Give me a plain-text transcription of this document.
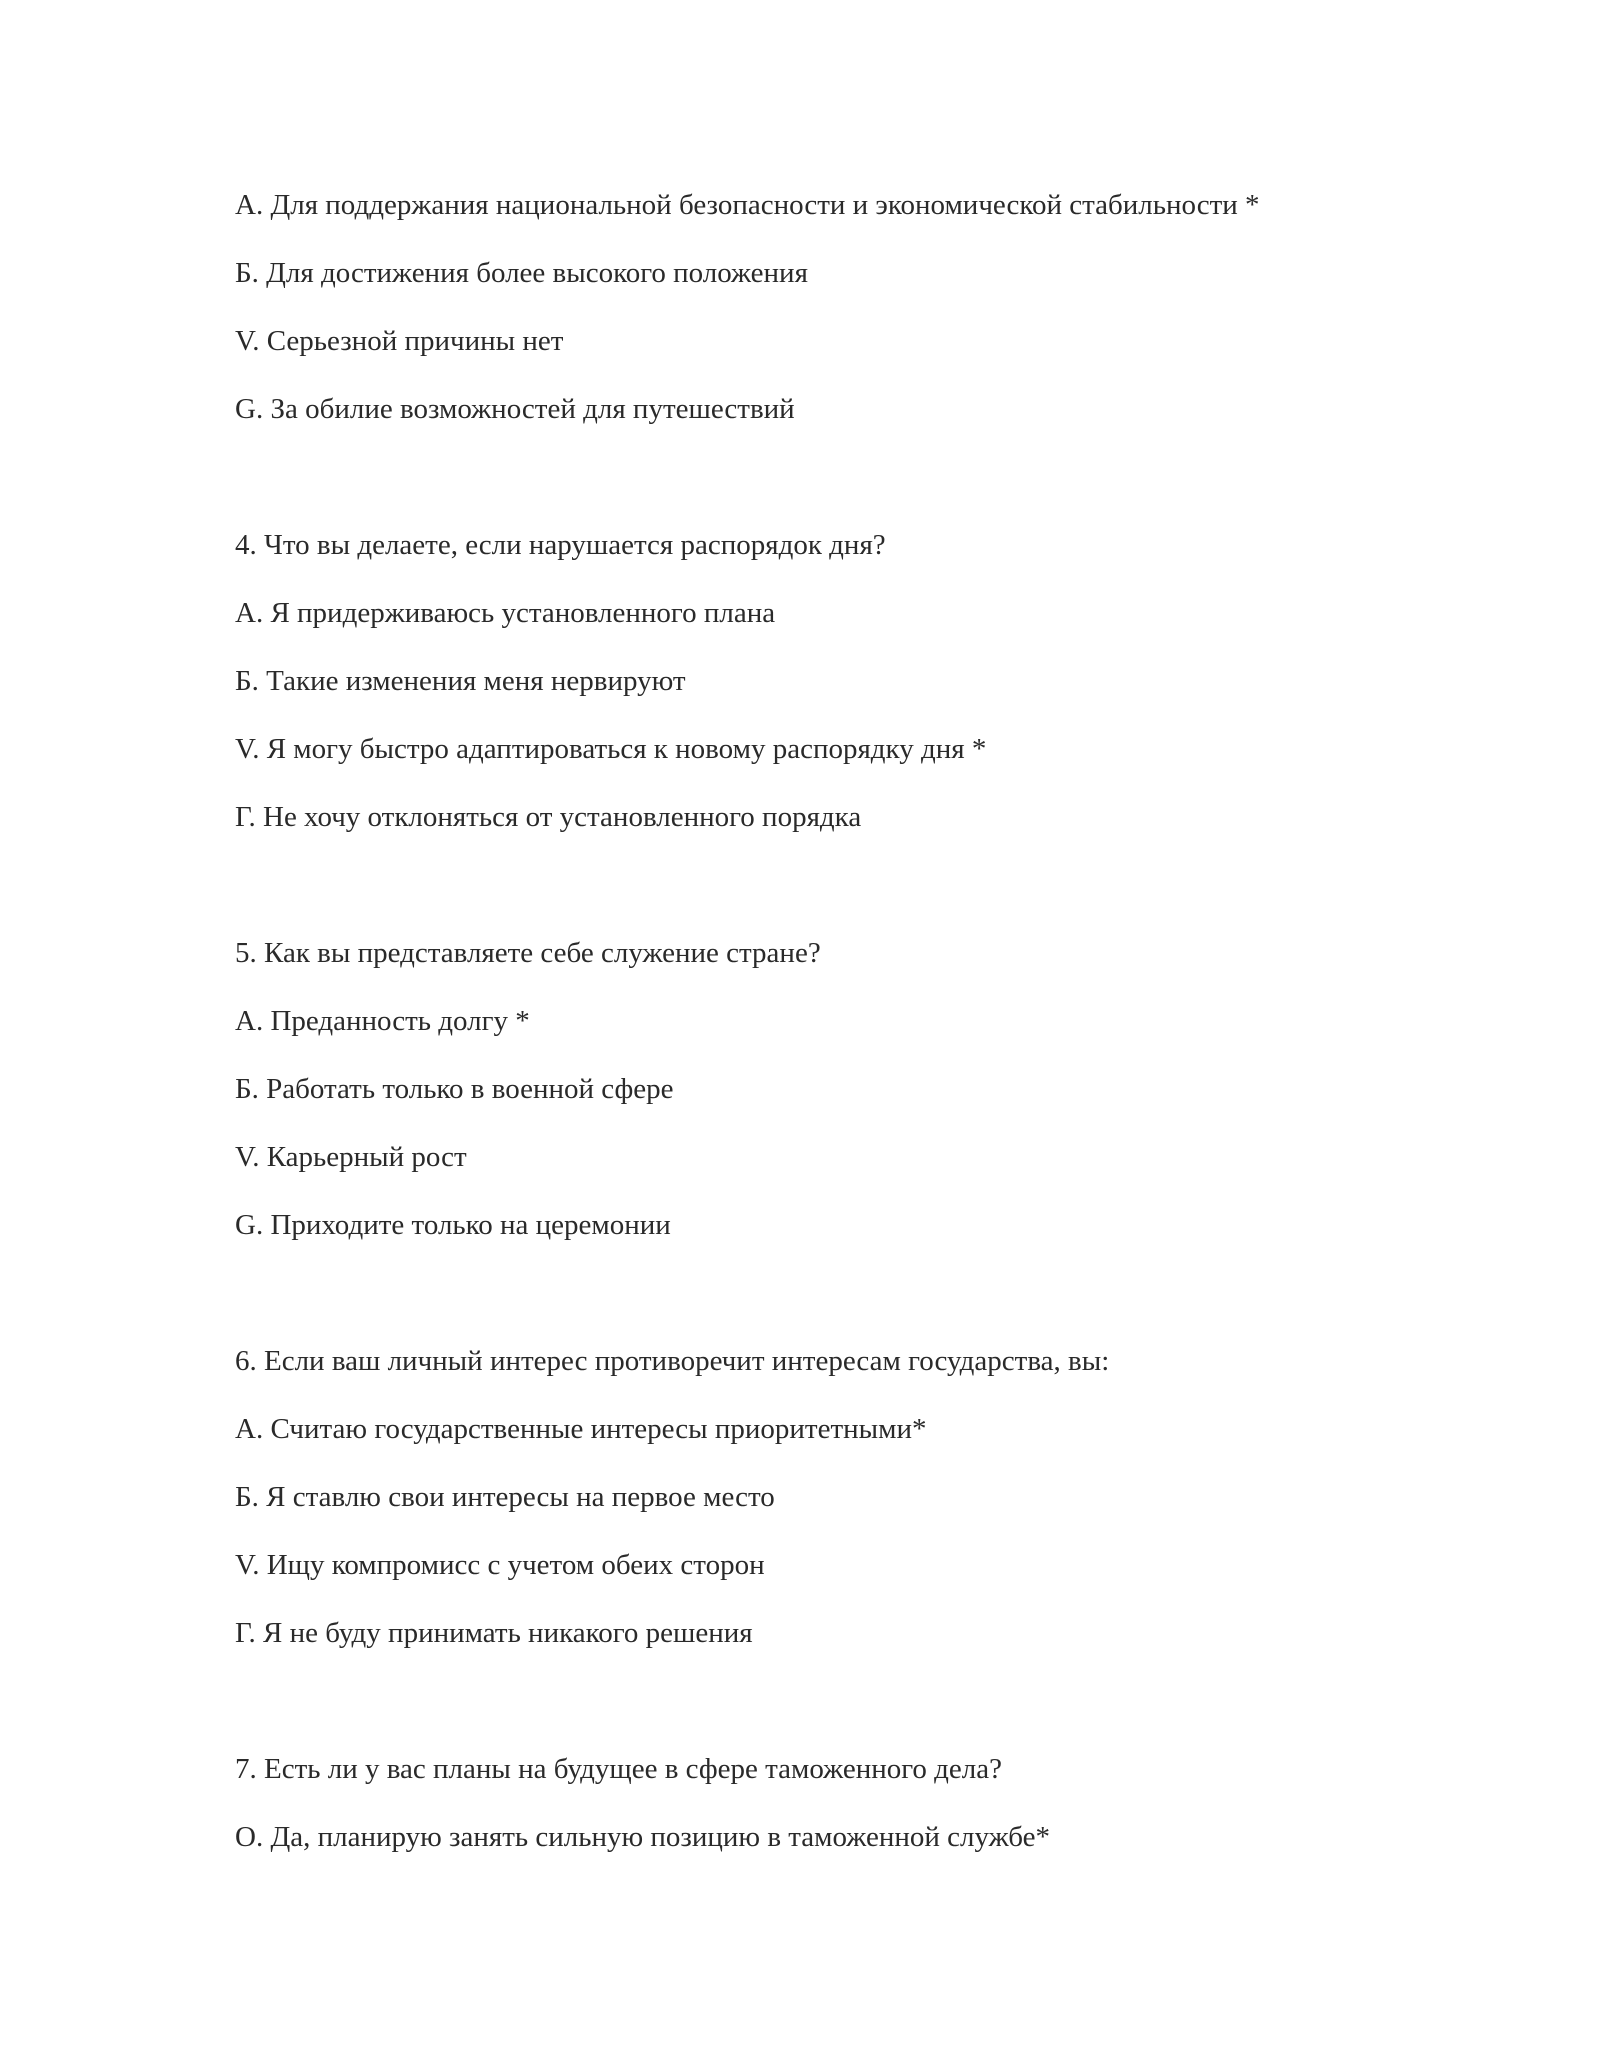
А. Для поддержания национальной безопасности и экономической стабильности *

Б. Для достижения более высокого положения

V. Серьезной причины нет

G. За обилие возможностей для путешествий

4. Что вы делаете, если нарушается распорядок дня?

А. Я придерживаюсь установленного плана

Б. Такие изменения меня нервируют

V. Я могу быстро адаптироваться к новому распорядку дня *

Г. Не хочу отклоняться от установленного порядка

5. Как вы представляете себе служение стране?

А. Преданность долгу *

Б. Работать только в военной сфере

V. Карьерный рост

G. Приходите только на церемонии

6. Если ваш личный интерес противоречит интересам государства, вы:

А. Считаю государственные интересы приоритетными*

Б. Я ставлю свои интересы на первое место

V. Ищу компромисс с учетом обеих сторон

Г. Я не буду принимать никакого решения

7. Есть ли у вас планы на будущее в сфере таможенного дела?

О. Да, планирую занять сильную позицию в таможенной службе*
